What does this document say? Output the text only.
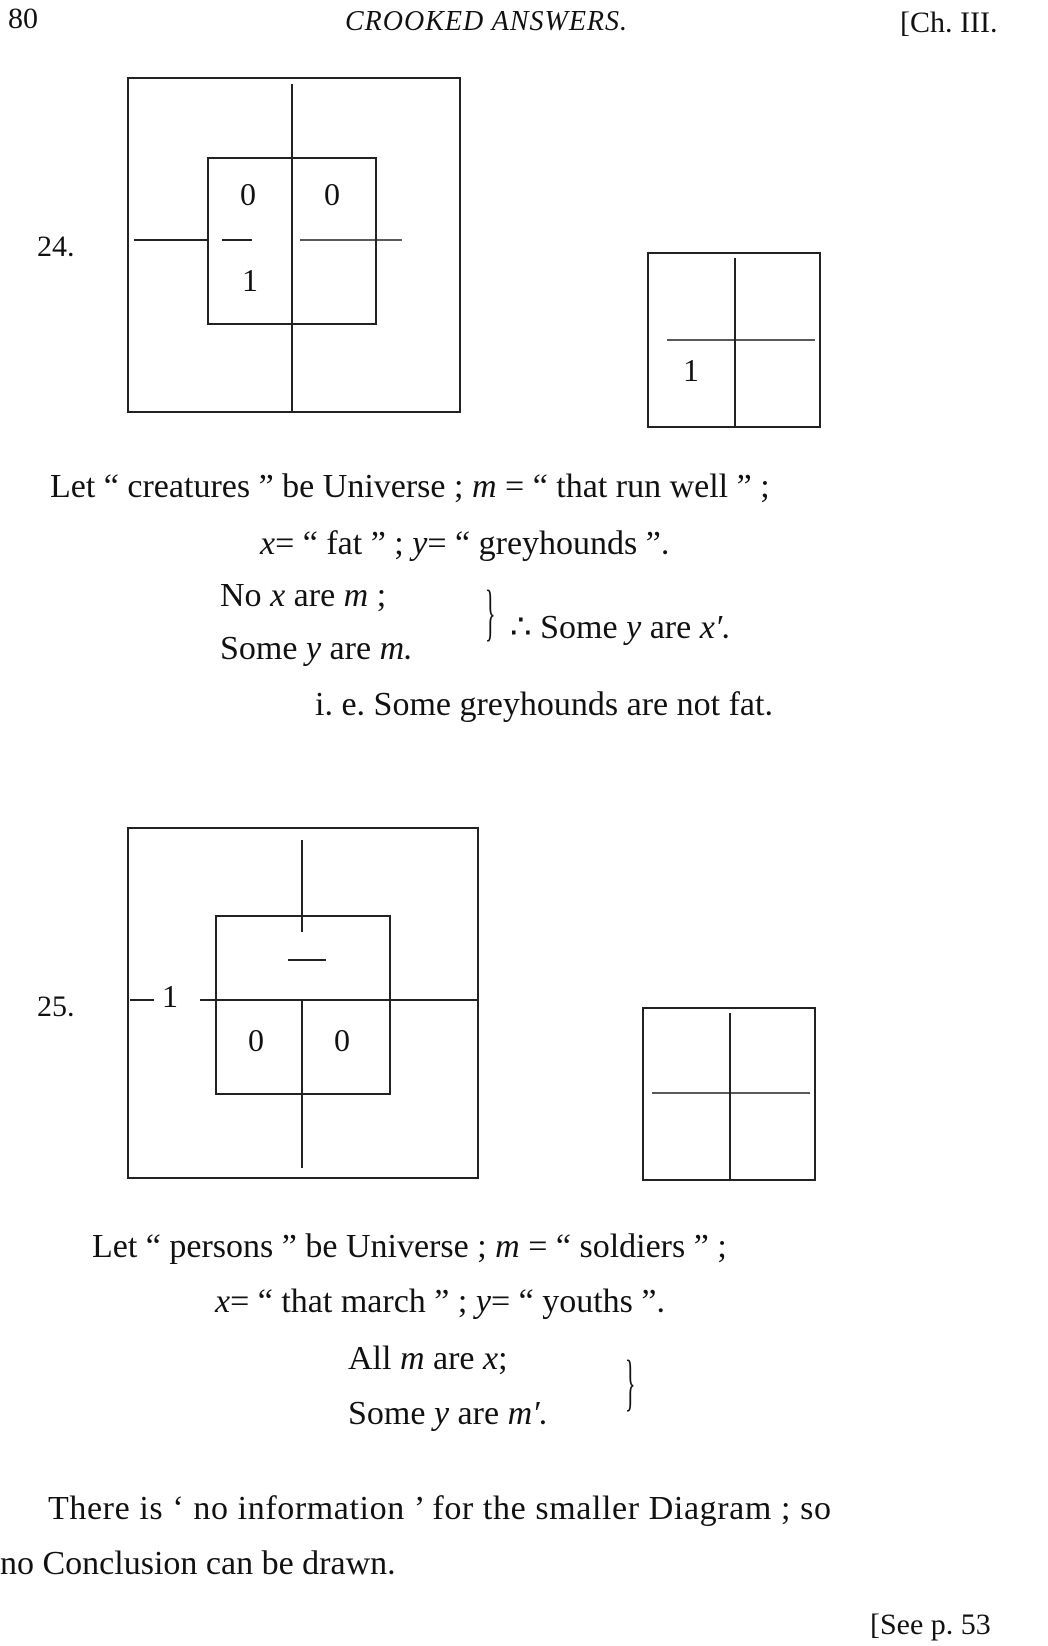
80	CROOKED ANSWERS.	[Ch. III.
24.
0 0
1
1
Let “ creatures ” be Universe ; m = “ that run well ” ;
x= “ fat ” ; y= “ greyhounds ”.
No x are m ;
Some y are m.
} ∴ Some y are x′.
i. e. Some greyhounds are not fat.
25.	1
0 0
Let “ persons ” be Universe ; m = “ soldiers ” ;
x= “ that march ” ; y= “ youths ”.
All m are x;
Some y are m′. }
There is ‘ no information ’ for the smaller Diagram ; so
no Conclusion can be drawn.
[See p. 53
